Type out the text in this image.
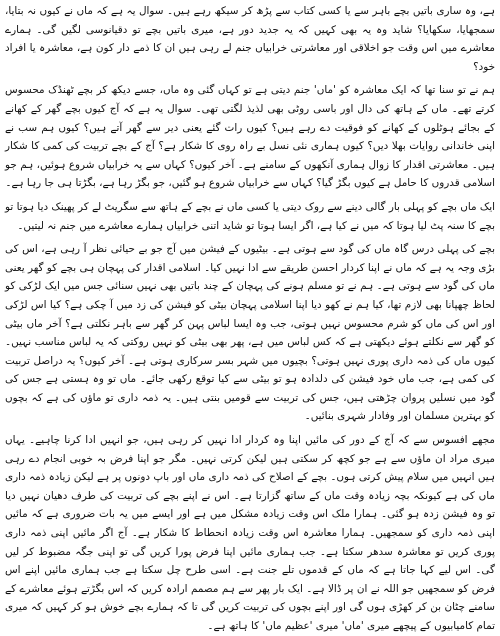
ہے، وہ ساری باتیں بچے باہر سے یا کسی کتاب سے پڑھ کر سیکھ رہے ہیں۔ سوال یہ ہے کہ ماں نے کیوں نہ بتایا، سمجھایا، سکھایا؟ شاید وہ یہ بھی کہیں کہ یہ جدید دور ہے، میری باتیں بچے تو دقیانوسی لگیں گی۔ ہمارے معاشرے میں اس وقت جو اخلاقی اور معاشرتی خرابیاں جنم لے رہی ہیں ان کا ذمے دار کون ہے، معاشرہ یا افراد خود؟

ہم نے تو سنا تھا کہ ایک معاشرہ کو 'ماں' جنم دیتی ہے تو کہاں گئی وہ ماں، جسے دیکھ کر بچے ٹھنڈک محسوس کرتے تھے۔ ماں کے ہاتھ کی دال اور باسی روٹی بھی لذیذ لگتی تھی۔ سوال یہ ہے کہ آج کیوں بچے گھر کے کھانے کے بجائے ہوٹلوں کے کھانے کو فوقیت دے رہے ہیں؟ کیوں رات گئے یعنی دیر سے گھر آتے ہیں؟ کیوں ہم سب نے اپنی خاندانی روایات بھلا دیں؟ کیوں ہماری نئی نسل بے راہ روی کا شکار ہے؟ آج کے بچے تربیت کی کمی کا شکار ہیں۔ معاشرتی اقدار کا زوال ہماری آنکھوں کے سامنے ہے۔ آخر کیوں؟ کہاں سے یہ خرابیاں شروع ہوئیں، ہم جو اسلامی قدروں کا حامل ہے کیوں بگڑ گیا؟ کہاں سے خرابیاں شروع ہو گئیں، جو بگڑ رہا ہے، بگڑتا ہی جا رہا ہے۔

ایک ماں بچے کو پہلی بار گالی دینے سے روک دیتی یا کسی ماں نے بچے کے ہاتھ سے سگریٹ لے کر پھینک دیا ہوتا تو بچے کا سنہ پٹ لیا ہوتا کہ میں نے کیا ہے، اگر ایسا ہوتا تو شاید اتنی خرابیاں ہمارے معاشرے میں جنم نہ لیتیں۔

بچے کی پہلی درس گاہ ماں کی گود سے ہوتی ہے۔ بیٹیوں کے فیشن میں آج جو بے حیائی نظر آ رہی ہے، اس کی بڑی وجہ یہ ہے کہ ماں نے اپنا کردار احسن طریقے سے ادا نہیں کیا۔ اسلامی اقدار کی پہچان ہی بچے کو گھر یعنی ماں کی گود سے ہوتی ہے۔ ہم نے تو مسلم ہونے کی پہچان کے چند باتیں بھی نہیں سنائی جس میں ایک لڑکی کو لحاظ چھپانا بھی لازم تھا، کیا ہم نے کھو دیا اپنا اسلامی پہچان بیٹی کو فیشن کی زد میں آ چکی ہے؟ کیا اس لڑکی اور اس کی ماں کو شرم محسوس نہیں ہوتی، جب وہ ایسا لباس پہن کر گھر سے باہر نکلتی ہے؟ آخر ماں بیٹی کو گھر سے نکلتے ہوئے دیکھتی ہے کہ کس لباس میں ہے، پھر بھی بیٹی کو نہیں روکتی کہ یہ لباس مناسب نہیں۔ کیوں ماں کی ذمہ داری پوری نہیں ہوتی؟ بچیوں میں شہر بسر سرکاری ہوتی ہے۔ آخر کیوں؟ یہ دراصل تربیت کی کمی ہے، جب ماں خود فیشن کی دلدادہ ہو تو بیٹی سے کیا توقع رکھی جائے۔ ماں تو وہ ہستی ہے جس کی گود میں نسلیں پروان چڑھتی ہیں، جس کی تربیت سے قومیں بنتی ہیں۔ یہ ذمہ داری تو ماؤں کی ہے کہ بچوں کو بہترین مسلمان اور وفادار شہری بنائیں۔

مجھے افسوس سے کہ آج کے دور کی مائیں اپنا وہ کردار ادا نہیں کر رہی ہیں، جو انہیں ادا کرنا چاہیے۔ یہاں میری مراد ان ماؤں سے ہے جو کچھ کر سکتی ہیں لیکن کرتی نہیں۔ مگر جو اپنا فرض بہ خوبی انجام دے رہی ہیں انہیں میں سلام پیش کرتی ہوں۔ بچے کے اصلاح کی ذمہ داری ماں اور باپ دونوں پر ہے لیکن زیادہ ذمہ داری ماں کی ہے کیونکہ بچہ زیادہ وقت ماں کے ساتھ گزارتا ہے۔ اس نے اپنے بچے کی تربیت کی طرف دھیان نہیں دیا تو وہ فیشن زدہ ہو گئی۔ ہمارا ملک اس وقت زیادہ مشکل میں ہے اور ایسے میں یہ بات ضروری ہے کہ مائیں اپنی ذمہ داری کو سمجھیں۔ ہمارا معاشرہ اس وقت زیادہ انحطاط کا شکار ہے۔ آج اگر مائیں اپنی ذمہ داری پوری کریں تو معاشرہ سدھر سکتا ہے۔ جب ہماری مائیں اپنا فرض پورا کریں گی تو اپنی جگہ مضبوط کر لیں گی۔ اس لیے کہا جاتا ہے کہ ماں کے قدموں تلے جنت ہے۔ اسی طرح چل سکتا ہے جب ہماری مائیں اپنے اس فرض کو سمجھیں جو اللہ نے ان پر ڈالا ہے۔ ایک بار پھر سے ہم مصمم ارادہ کریں کہ اس بگڑتے ہوئے معاشرے کے سامنے چٹان بن کر کھڑی ہوں گی اور اپنے بچوں کی تربیت کریں گی تا کہ ہمارے بچے خوش ہو کر کہیں کہ میری تمام کامیابیوں کے پیچھے میری 'ماں' میری 'عظیم ماں' کا ہاتھ ہے۔
